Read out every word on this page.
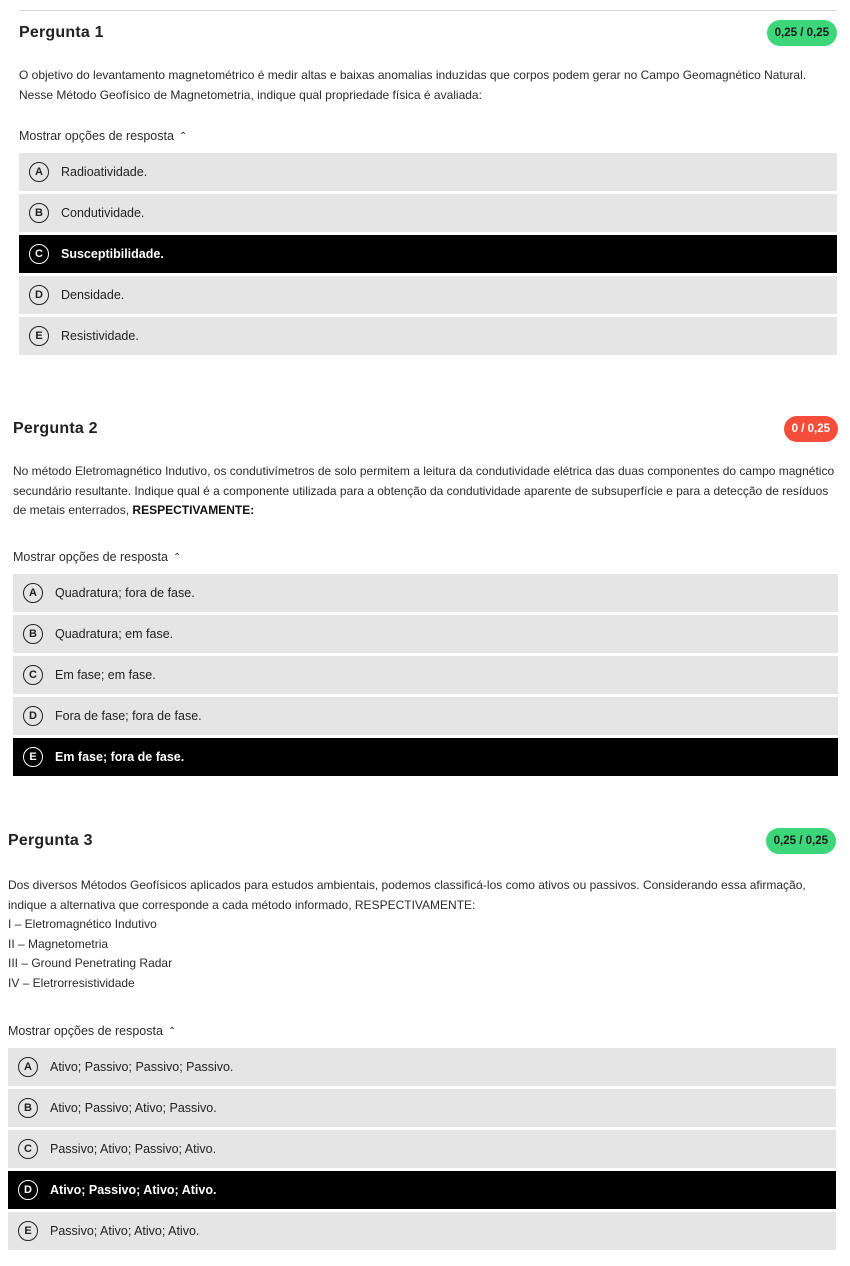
Pergunta 1	0,25 / 0,25
O objetivo do levantamento magnetométrico é medir altas e baixas anomalias induzidas que corpos podem gerar no Campo Geomagnético Natural. Nesse Método Geofísico de Magnetometria, indique qual propriedade física é avaliada:
Mostrar opções de resposta ⌃
A	Radioatividade.
B	Condutividade.
C	Susceptibilidade.
D	Densidade.
E	Resistividade.
Pergunta 2	0 / 0,25
No método Eletromagnético Indutivo, os condutivímetros de solo permitem a leitura da condutividade elétrica das duas componentes do campo magnético secundário resultante. Indique qual é a componente utilizada para a obtenção da condutividade aparente de subsuperfície e para a detecção de resíduos de metais enterrados, RESPECTIVAMENTE:
Mostrar opções de resposta ⌃
A	Quadratura; fora de fase.
B	Quadratura; em fase.
C	Em fase; em fase.
D	Fora de fase; fora de fase.
E	Em fase; fora de fase.
Pergunta 3	0,25 / 0,25
Dos diversos Métodos Geofísicos aplicados para estudos ambientais, podemos classificá-los como ativos ou passivos. Considerando essa afirmação, indique a alternativa que corresponde a cada método informado, RESPECTIVAMENTE:
I – Eletromagnético Indutivo
II – Magnetometria
III – Ground Penetrating Radar
IV – Eletrorresistividade
Mostrar opções de resposta ⌃
A	Ativo; Passivo; Passivo; Passivo.
B	Ativo; Passivo; Ativo; Passivo.
C	Passivo; Ativo; Passivo; Ativo.
D	Ativo; Passivo; Ativo; Ativo.
E	Passivo; Ativo; Ativo; Ativo.
